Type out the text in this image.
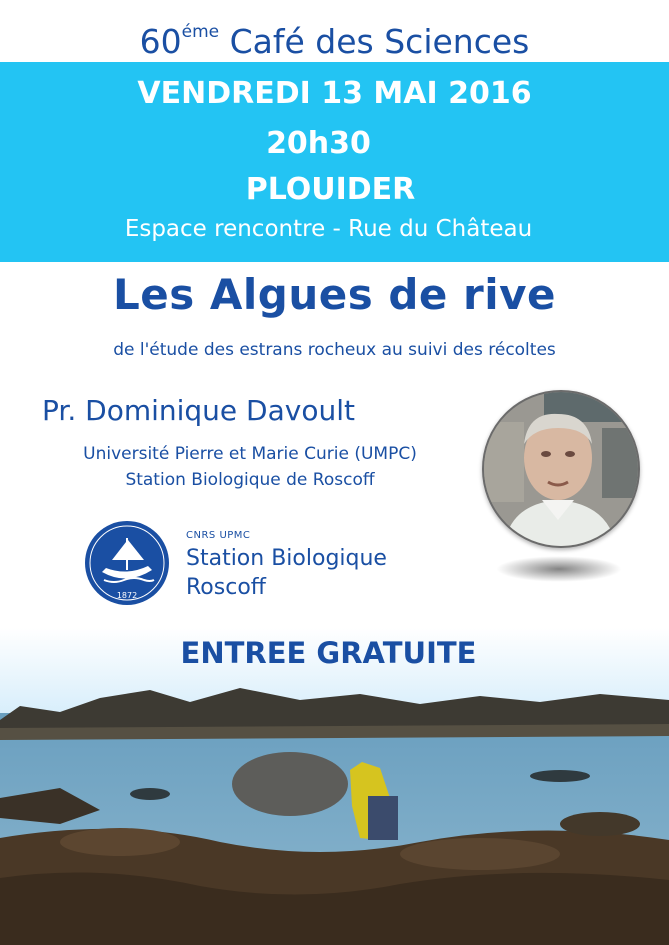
$60^{éme}$ Café des Sciences
VENDREDI 13 MAI 2016
20h30
PLOUIDER
Espace rencontre - Rue du Château
Les Algues de rive
de l'étude des estrans rocheux au suivi des récoltes
Pr. Dominique Davoult
Université Pierre et Marie Curie (UMPC)
Station Biologique de Roscoff
1872
CNRS UPMC
Station Biologique
Roscoff
ENTREE GRATUITE
